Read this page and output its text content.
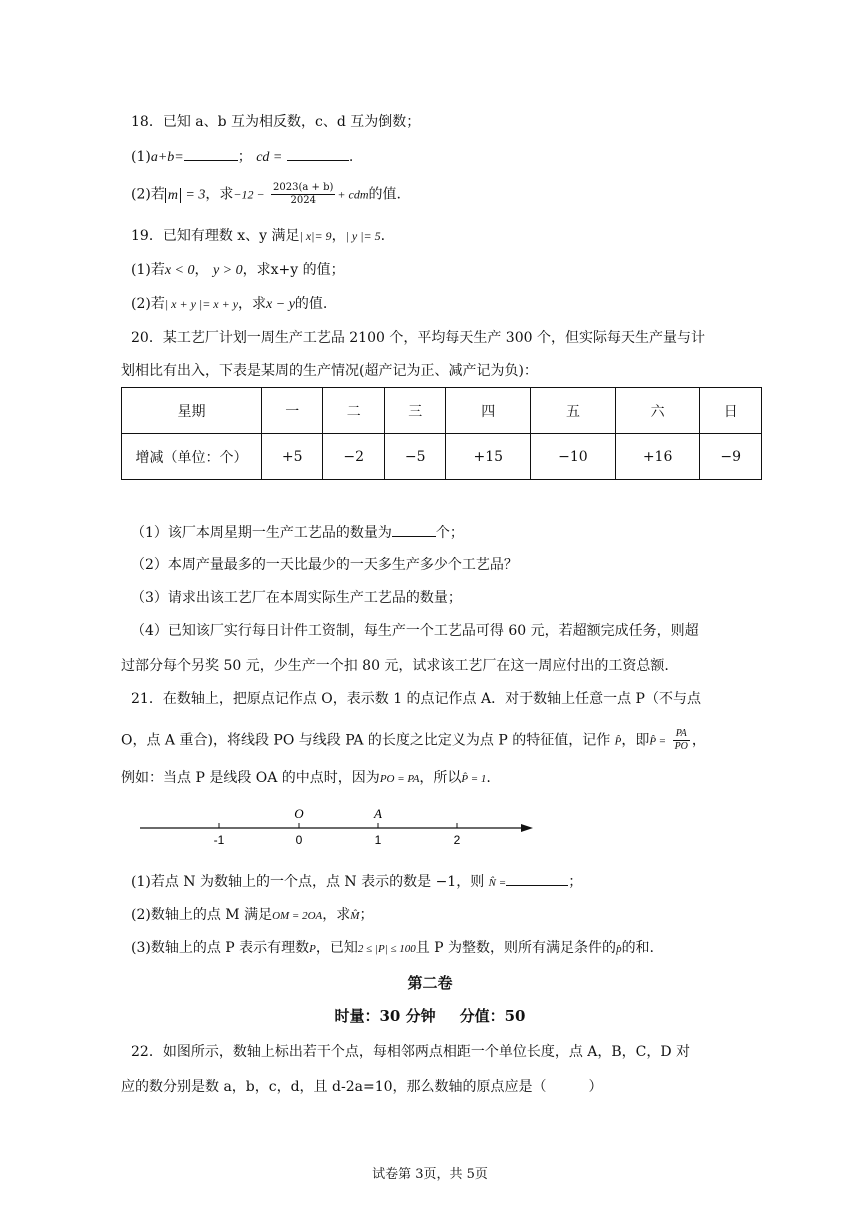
18．已知 a、b 互为相反数，c、d 互为倒数；
(1)a+b=	； cd =	.
(2)若 m = 3，求$-12 - \frac{2023(a + b)}{2024}$ + cdm的值.
19．已知有理数 x、y 满足| x|= 9，| y |= 5.
(1)若x < 0， y > 0，求x+y 的值；
(2)若| x + y |= x + y，求x − y的值.
20．某工艺厂计划一周生产工艺品 2100 个，平均每天生产 300 个，但实际每天生产量与计
划相比有出入，下表是某周的生产情况(超产记为正、减产记为负)：
星期	一	二	三	四	五	六	日
增减（单位：个）	+5	−2	−5	+15	−10	+16	−9
（1）该厂本周星期一生产工艺品的数量为	个；
（2）本周产量最多的一天比最少的一天多生产多少个工艺品？
（3）请求出该工艺厂在本周实际生产工艺品的数量；
（4）已知该厂实行每日计件工资制，每生产一个工艺品可得 60 元，若超额完成任务，则超
过部分每个另奖 50 元，少生产一个扣 80 元，试求该工艺厂在这一周应付出的工资总额.
21．在数轴上，把原点记作点 O，表示数 1 的点记作点 A．对于数轴上任意一点 P（不与点
O，点 A 重合)，将线段 PO 与线段 PA 的长度之比定义为点 P 的特征值，记作 P̂，即P̂ = $\frac{PA}{PO}$ ，
例如：当点 P 是线段 OA 的中点时，因为PO = PA，所以P̂ = 1.
O	A
-1	0	1	2
(1)若点 N 为数轴上的一个点，点 N 表示的数是 −1，则 N̂ =	；
(2)数轴上的点 M 满足OM = 2OA，求M̂；
(3)数轴上的点 P 表示有理数P，已知2 ≤ |P| ≤ 100且 P 为整数，则所有满足条件的p̂的和.
第二卷
时量：30 分钟 分值：50
22．如图所示，数轴上标出若干个点，每相邻两点相距一个单位长度，点 A，B，C，D 对
应的数分别是数 a，b，c，d，且 d-2a=10，那么数轴的原点应是（　　　）
试卷第 3页，共 5页
